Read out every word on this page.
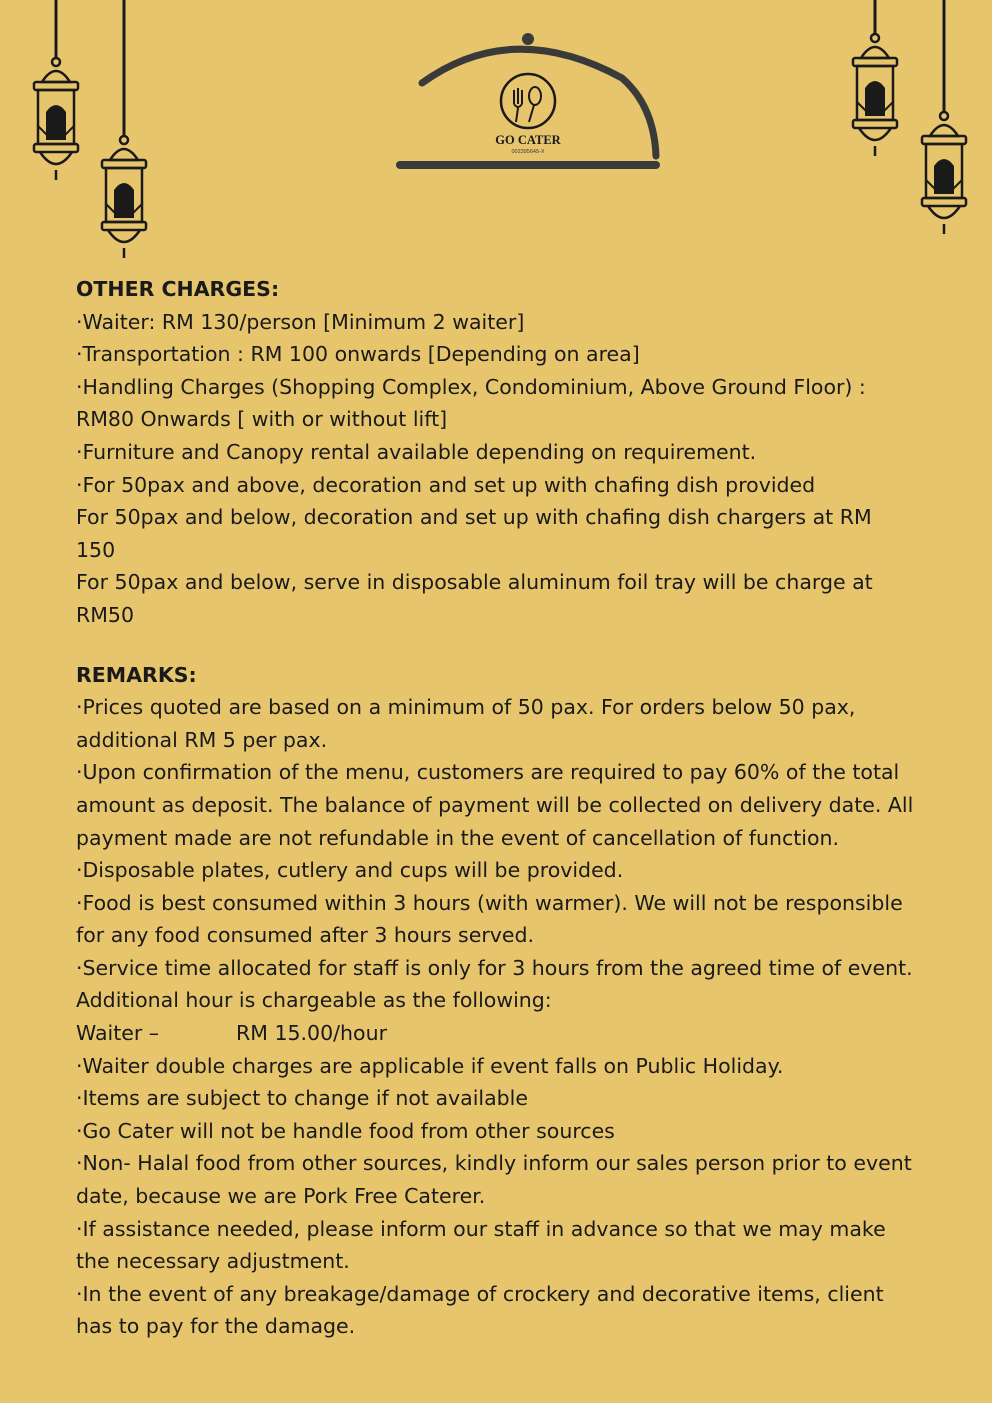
GO CATER
002395645-X

OTHER CHARGES:

·Waiter: RM 130/person [Minimum 2 waiter]

·Transportation : RM 100 onwards [Depending on area]

·Handling Charges (Shopping Complex, Condominium, Above Ground Floor) : RM80 Onwards [ with or without lift]

·Furniture and Canopy rental available depending on requirement.

·For 50pax and above, decoration and set up with chafing dish provided

For 50pax and below, decoration and set up with chafing dish chargers at RM 150

For 50pax and below, serve in disposable aluminum foil tray will be charge at RM50

REMARKS:

·Prices quoted are based on a minimum of 50 pax. For orders below 50 pax, additional RM 5 per pax.

·Upon confirmation of the menu, customers are required to pay 60% of the total amount as deposit. The balance of payment will be collected on delivery date. All payment made are not refundable in the event of cancellation of function.

·Disposable plates, cutlery and cups will be provided.

·Food is best consumed within 3 hours (with warmer). We will not be responsible for any food consumed after 3 hours served.

·Service time allocated for staff is only for 3 hours from the agreed time of event. Additional hour is chargeable as the following:

Waiter –	RM 15.00/hour

·Waiter double charges are applicable if event falls on Public Holiday.

·Items are subject to change if not available

·Go Cater will not be handle food from other sources

·Non- Halal food from other sources, kindly inform our sales person prior to event date, because we are Pork Free Caterer.

·If assistance needed, please inform our staff in advance so that we may make the necessary adjustment.

·In the event of any breakage/damage of crockery and decorative items, client has to pay for the damage.
